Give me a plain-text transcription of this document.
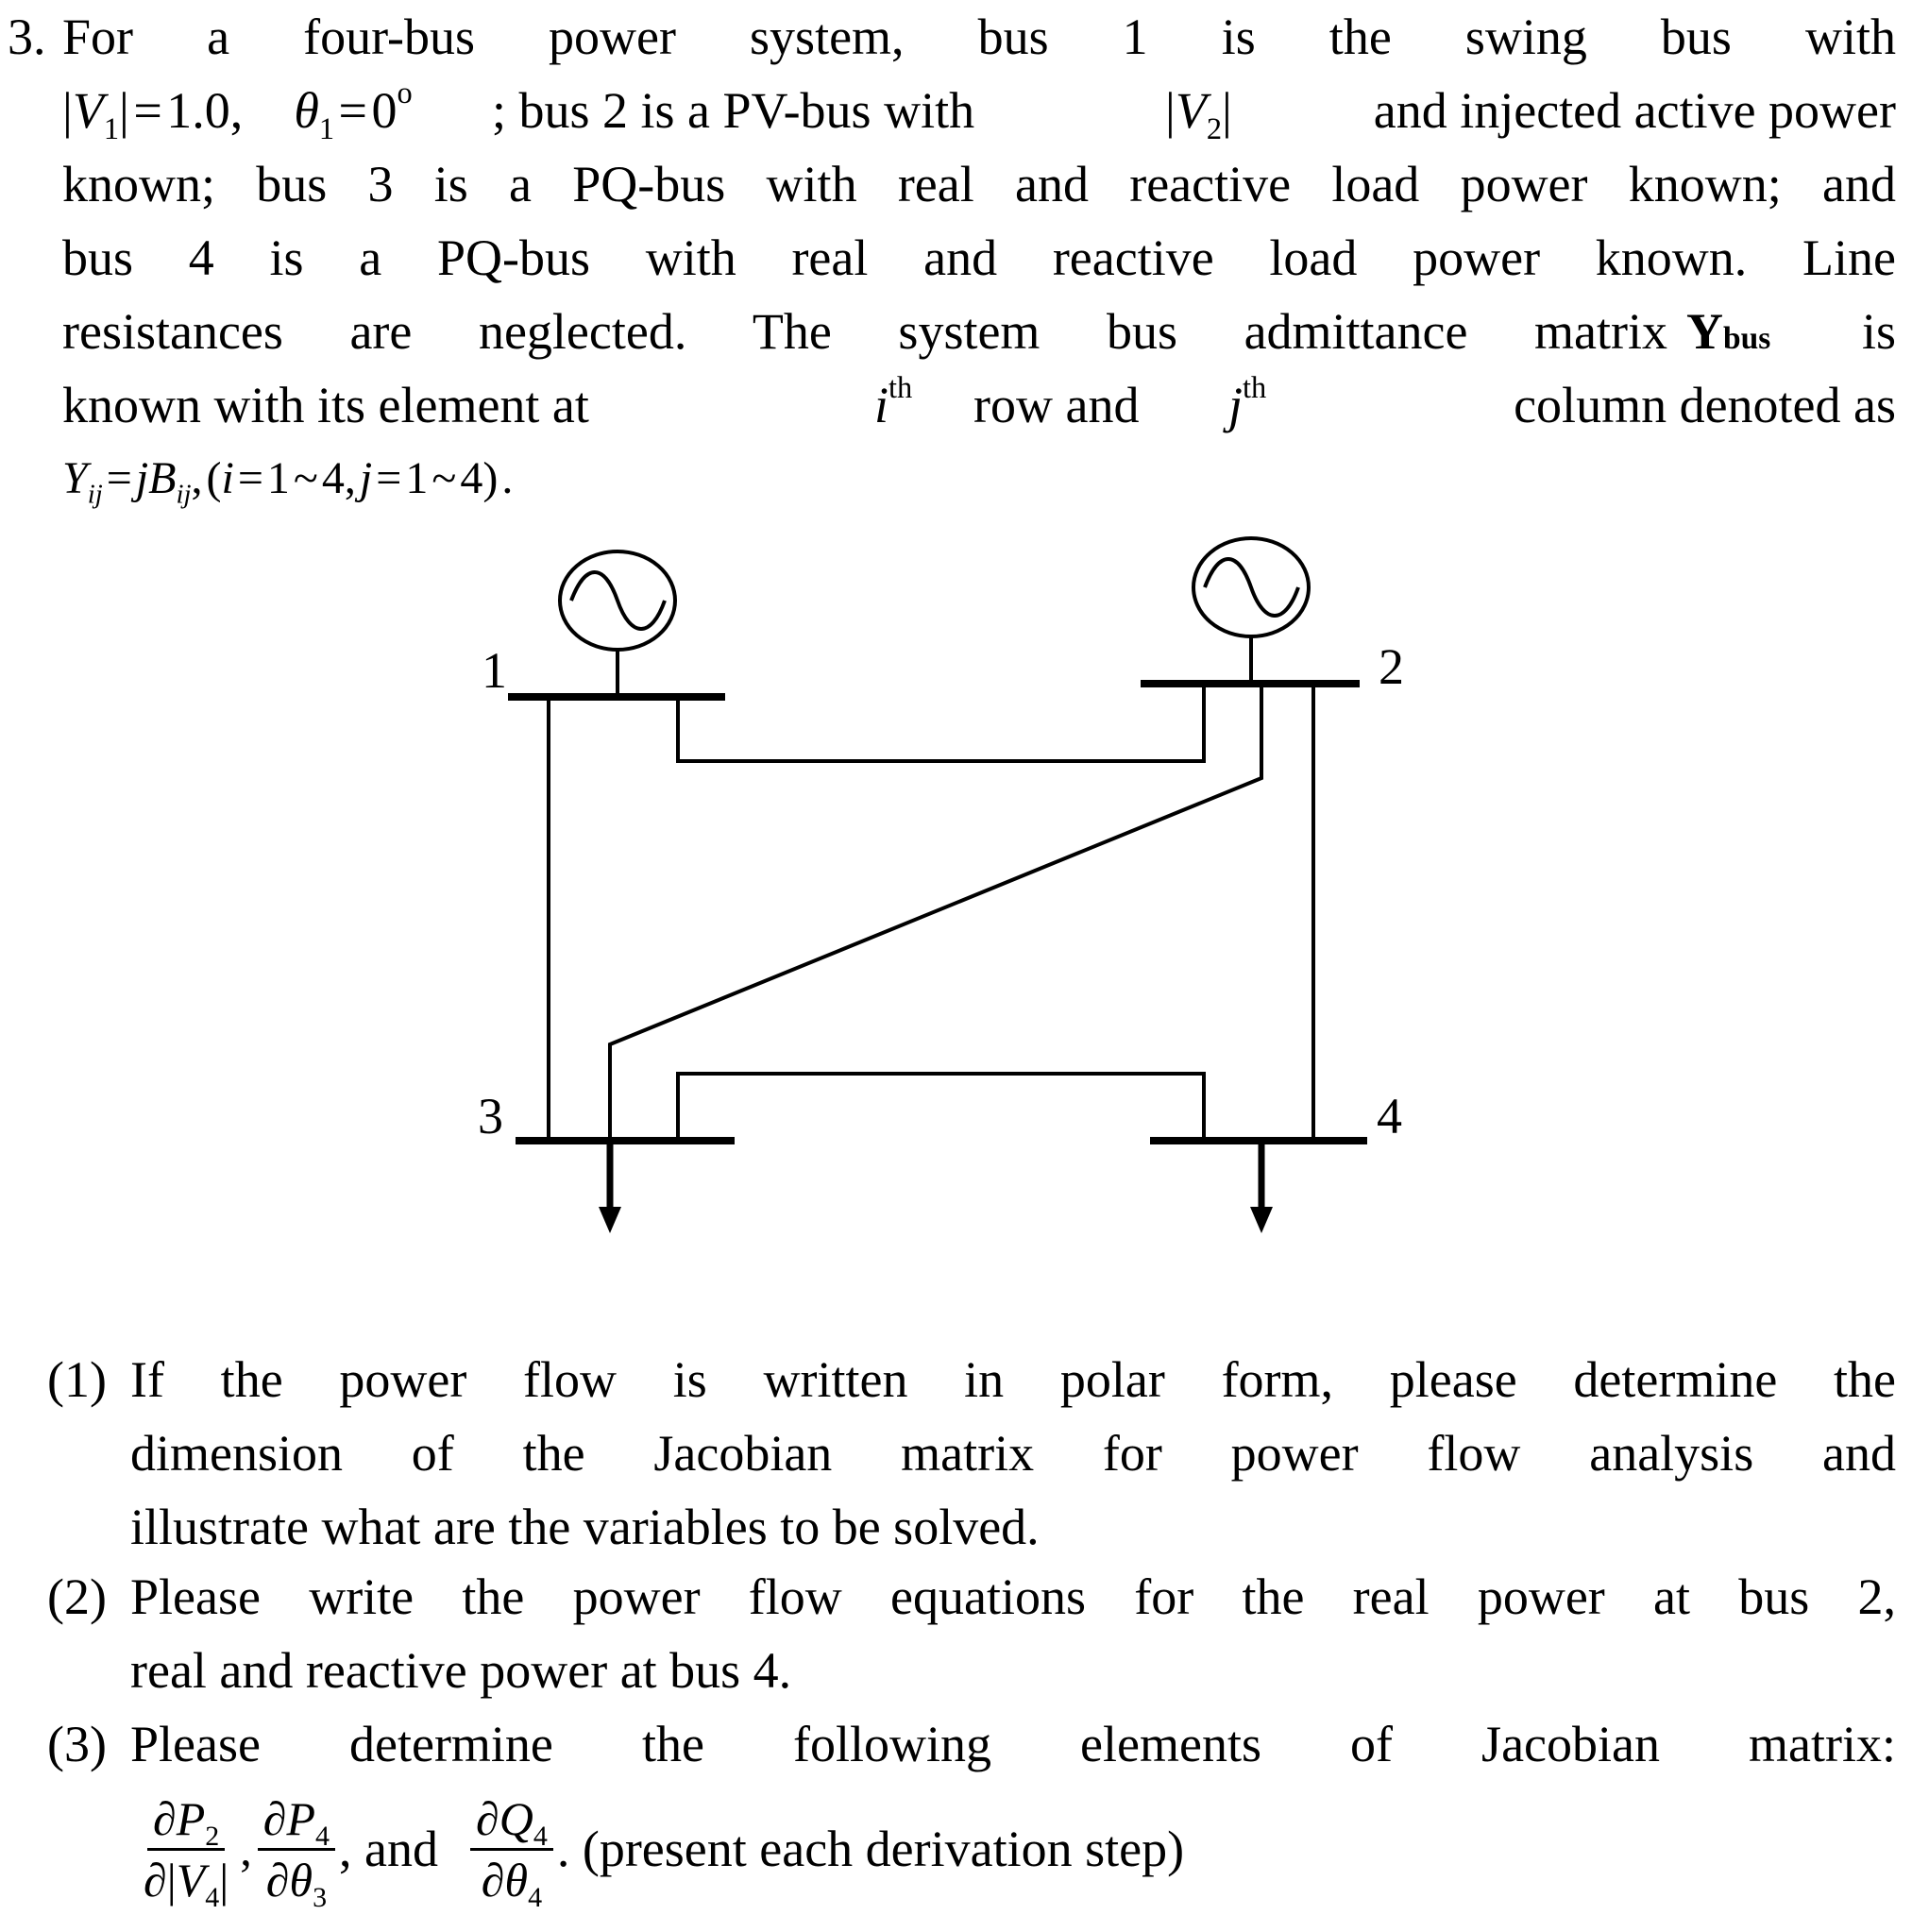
3. For a four-bus power system, bus 1 is the swing bus with
$|V_1|$ = 1.0,    $\theta_1$ = $0^o$ ; bus 2 is a PV-bus with	$|V_2|$	and injected active power
known; bus 3 is a PQ-bus with real and reactive load power known; and
bus 4 is a PQ-bus with real and reactive load power known. Line
resistances are neglected. The system bus admittance matrix Ybus is
known with its element at	$i^{th}$ row and $j^{th}$	column denoted as
$Y_{ij}$ = $jB_{ij}$, (i = 1 ~ 4, j = 1 ~ 4) .
1	2
3	4
(1) If the power flow is written in polar form, please determine the
dimension of the Jacobian matrix for power flow analysis and
illustrate what are the variables to be solved.
(2) Please write the power flow equations for the real power at bus 2,
real and reactive power at bus 4.
(3) Please determine the following elements of Jacobian matrix:
$\frac{\partial P_2}{\partial|V_4|}$ , $\frac{\partial P_4}{\partial\theta_3}$ , and $\frac{\partial Q_4}{\partial\theta_4}$ . (present each derivation step)
